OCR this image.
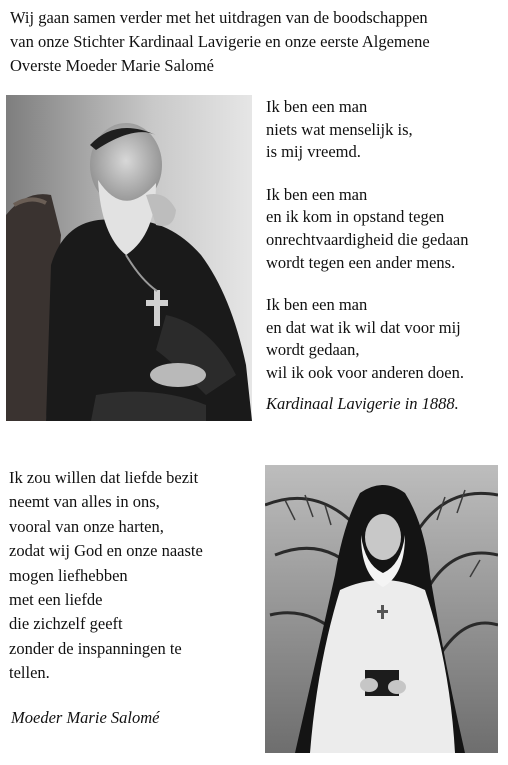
Wij gaan samen verder met het uitdragen van de boodschappen
van onze Stichter Kardinaal Lavigerie en onze eerste Algemene
Overste Moeder Marie Salomé

Ik ben een man
niets wat menselijk is,
is mij vreemd.
Ik ben een man
en ik kom in opstand tegen
onrechtvaardigheid die gedaan
wordt tegen een ander mens.
Ik ben een man
en dat wat ik wil dat voor mij
wordt gedaan,
wil ik ook voor anderen doen.

Kardinaal Lavigerie in 1888.

Ik zou willen dat liefde bezit
neemt van alles in ons,
vooral van onze harten,
zodat wij God en onze naaste
mogen liefhebben
met een liefde
die zichzelf geeft
zonder de inspanningen te
tellen.

Moeder Marie Salomé
